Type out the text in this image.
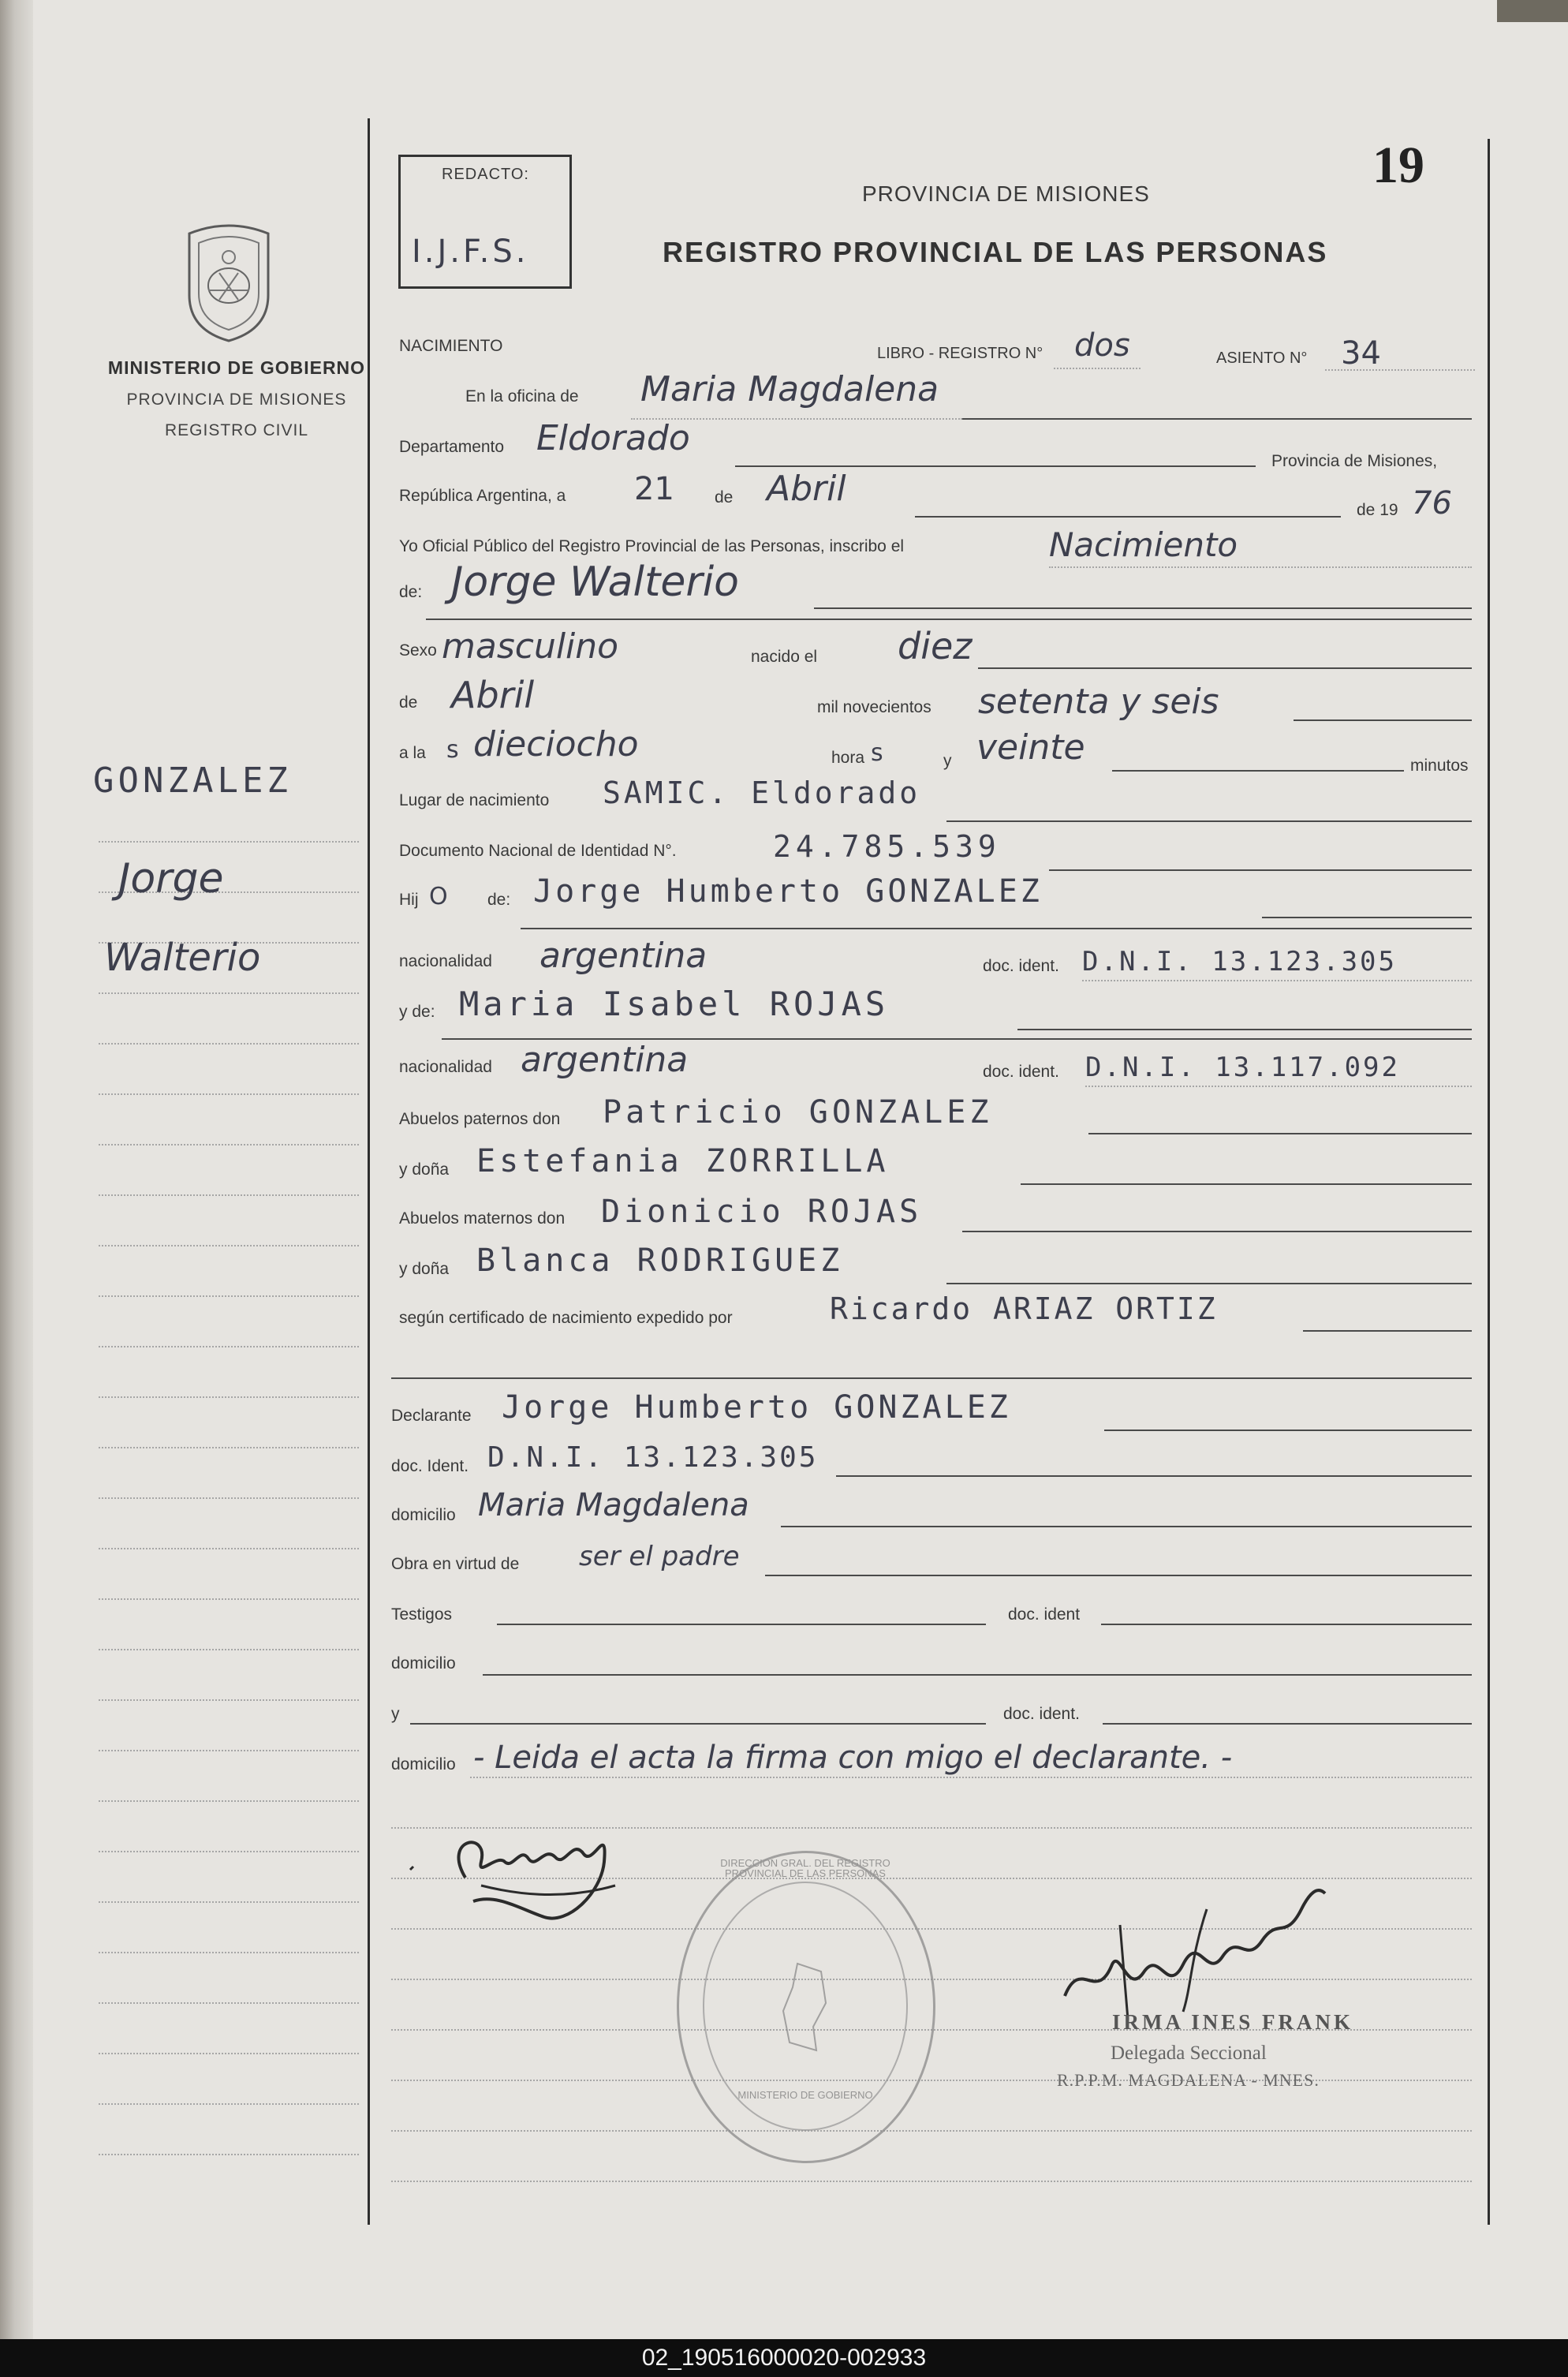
MINISTERIO DE GOBIERNO
PROVINCIA DE MISIONES
REGISTRO CIVIL
GONZALEZ
Jorge
Walterio
REDACTO:
I.J.F.S.
PROVINCIA DE MISIONES
REGISTRO PROVINCIAL DE LAS PERSONAS
19
NACIMIENTO	LIBRO - REGISTRO N° dos	ASIENTO N° 34
En la oficina de Maria Magdalena
Departamento Eldorado
Provincia de Misiones,
República Argentina, a 21 de Abril
de 19 76
Yo Oficial Público del Registro Provincial de las Personas, inscribo el	Nacimiento
de: Jorge Walterio
Sexo masculino	nacido el diez
de Abril	mil novecientos setenta y seis
a la s dieciocho	hora s	y veinte	minutos
Lugar de nacimiento SAMIC. Eldorado
Documento Nacional de Identidad N°.	24.785.539
Hij O de: Jorge Humberto GONZALEZ
nacionalidad argentina	doc. ident. D.N.I. 13.123.305
y de: Maria Isabel ROJAS
nacionalidad argentina	doc. ident. D.N.I. 13.117.092
Abuelos paternos don Patricio GONZALEZ
y doña Estefania ZORRILLA
Abuelos maternos don Dionicio ROJAS
y doña Blanca RODRIGUEZ
según certificado de nacimiento expedido por	Ricardo ARIAZ ORTIZ
Declarante Jorge Humberto GONZALEZ
doc. Ident. D.N.I. 13.123.305
domicilio Maria Magdalena
Obra en virtud de ser el padre
Testigos	doc. ident
domicilio
y	doc. ident.
domicilio - Leida el acta la firma con migo el declarante. -
DIRECCION GRAL. DEL REGISTRO PROVINCIAL DE LAS PERSONAS
MINISTERIO DE GOBIERNO
IRMA INES FRANK
Delegada Seccional
R.P.P.M. MAGDALENA - MNES.
02_190516000020-002933
